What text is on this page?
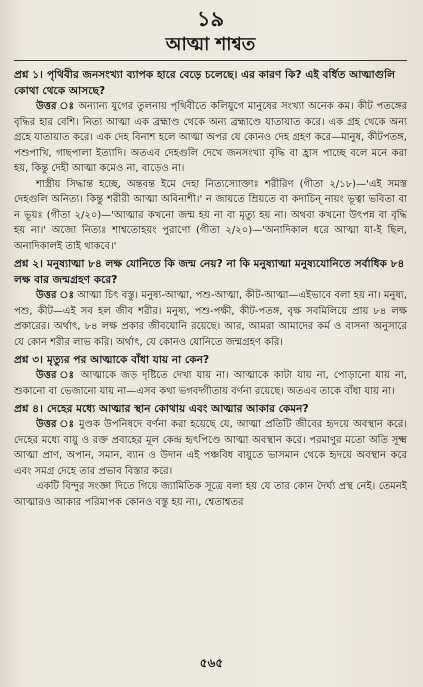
১৯
আত্মা শাশ্বত
প্রশ্ন ১। পৃথিবীর জনসংখ্যা ব্যাপক হারে বেড়ে চলেছে। এর কারণ কি? এই বর্ধিত আত্মাগুলি কোথা থেকে আসছে?

উত্তর ঃ অন্যান্য যুগের তুলনায় পৃথিবীতে কলিযুগে মানুষের সংখ্যা অনেক কম। কীট পতঙ্গের বৃদ্ধির হার বেশি। নিত্য আত্মা এক ব্রহ্মাণ্ড থেকে অন্য ব্রহ্মাণ্ডে যাতায়াত করে। এক গ্রহ থেকে অন্য গ্রহে যাতায়াত করে। এক দেহ বিনাশ হলে আত্মা অপর যে কোনও দেহ গ্রহণ করে—মানুষ, কীটপতঙ্গ, পশুপাখি, গাছপালা ইত্যাদি। অতএব দেহগুলি দেখে জনসংখ্যা বৃদ্ধি বা হ্রাস পাচ্ছে বলে মনে করা হয়, কিন্তু দেহী আত্মা কমেও না, বাড়েও না।

শাস্ত্রীয় সিদ্ধান্ত হচ্ছে, অন্তবন্ত ইমে দেহা নিত্যস্যোক্তাঃ শরীরিণ (গীতা ২/১৮)—'এই সমস্ত দেহগুলি অনিত্য। কিন্তু শরীরী আত্মা অবিনাশী।' ন জায়তে ম্রিয়তে বা কদাচিন্ নায়ং ভূত্বা ভবিতা বা ন ভূয়ঃ (গীতা ২/২০)—'আত্মার কখনো জন্ম হয় না বা মৃত্যু হয় না। অথবা কখনো উৎপন্ন বা বৃদ্ধি হয় না।' অজো নিত্যঃ শাশ্বতোহয়ং পুরাণো (গীতা ২/২০)—'অনাদিকাল ধরে আত্মা যা-ই ছিল, অনাদিকালই তাই থাকবে।'

প্রশ্ন ২। মনুষ্যাত্মা ৮৪ লক্ষ যোনিতে কি জন্ম নেয়? না কি মনুষ্যাত্মা মনুষ্যযোনিতে সর্বাধিক ৮৪ লক্ষ বার জন্মগ্রহণ করে?

উত্তর ঃ আত্মা চিৎ বস্তু। মনুষ্য-আত্মা, পশু-আত্মা, কীট-আত্মা—এইভাবে বলা হয় না। মনুষ্য, পশু, কীট—এই সব হল জীব শরীর। মনুষ্য, পশু-পক্ষী, কীট-পতঙ্গ, বৃক্ষ সবমিলিয়ে প্রায় ৮৪ লক্ষ প্রকারের। অর্থাৎ, ৮৪ লক্ষ প্রকার জীবযোনি রয়েছে। আর, আমরা আমাদের কর্ম ও বাসনা অনুসারে যে কোন শরীর লাভ করি। অর্থাৎ, যে কোনও যোনিতে জন্মগ্রহণ করি।

প্রশ্ন ৩। মৃত্যুর পর আত্মাকে বাঁধা যায় না কেন?

উত্তর ঃ আত্মাকে জড় দৃষ্টিতে দেখা যায় না। আত্মাকে কাটা যায় না, পোড়ানো যায় না, শুকানো বা ভেজানো যায় না—এসব কথা ভগবদ্গীতায় বর্ণনা রয়েছে। অতএব তাকে বাঁধা যায় না।

প্রশ্ন ৪। দেহের মধ্যে আত্মার স্থান কোথায় এবং আত্মার আকার কেমন?

উত্তর ঃ মুণ্ডক উপনিষদে বর্ণনা করা হয়েছে যে, আত্মা প্রতিটি জীবের হৃদয়ে অবস্থান করে। দেহের মধ্যে বায়ু ও রক্ত প্রবাহের মূল কেন্দ্র হৃৎপিণ্ডে আত্মা অবস্থান করে। পরমাণুর মতো অতি সূক্ষ্ম আত্মা প্রাণ, অপান, সমান, ব্যান ও উদান এই পঞ্চবিধ বায়ুতে ভাসমান থেকে হৃদয়ে অবস্থান করে এবং সমগ্র দেহে তার প্রভাব বিস্তার করে।

একটি বিন্দুর সংজ্ঞা দিতে গিয়ে জ্যামিতিক সূত্রে বলা হয় যে তার কোন দৈর্ঘ্য প্রস্থ নেই। তেমনই আত্মারও আকার পরিমাপক কোনও বস্তু হয় না।, শ্বেতাশ্বতর

৫৬৫
